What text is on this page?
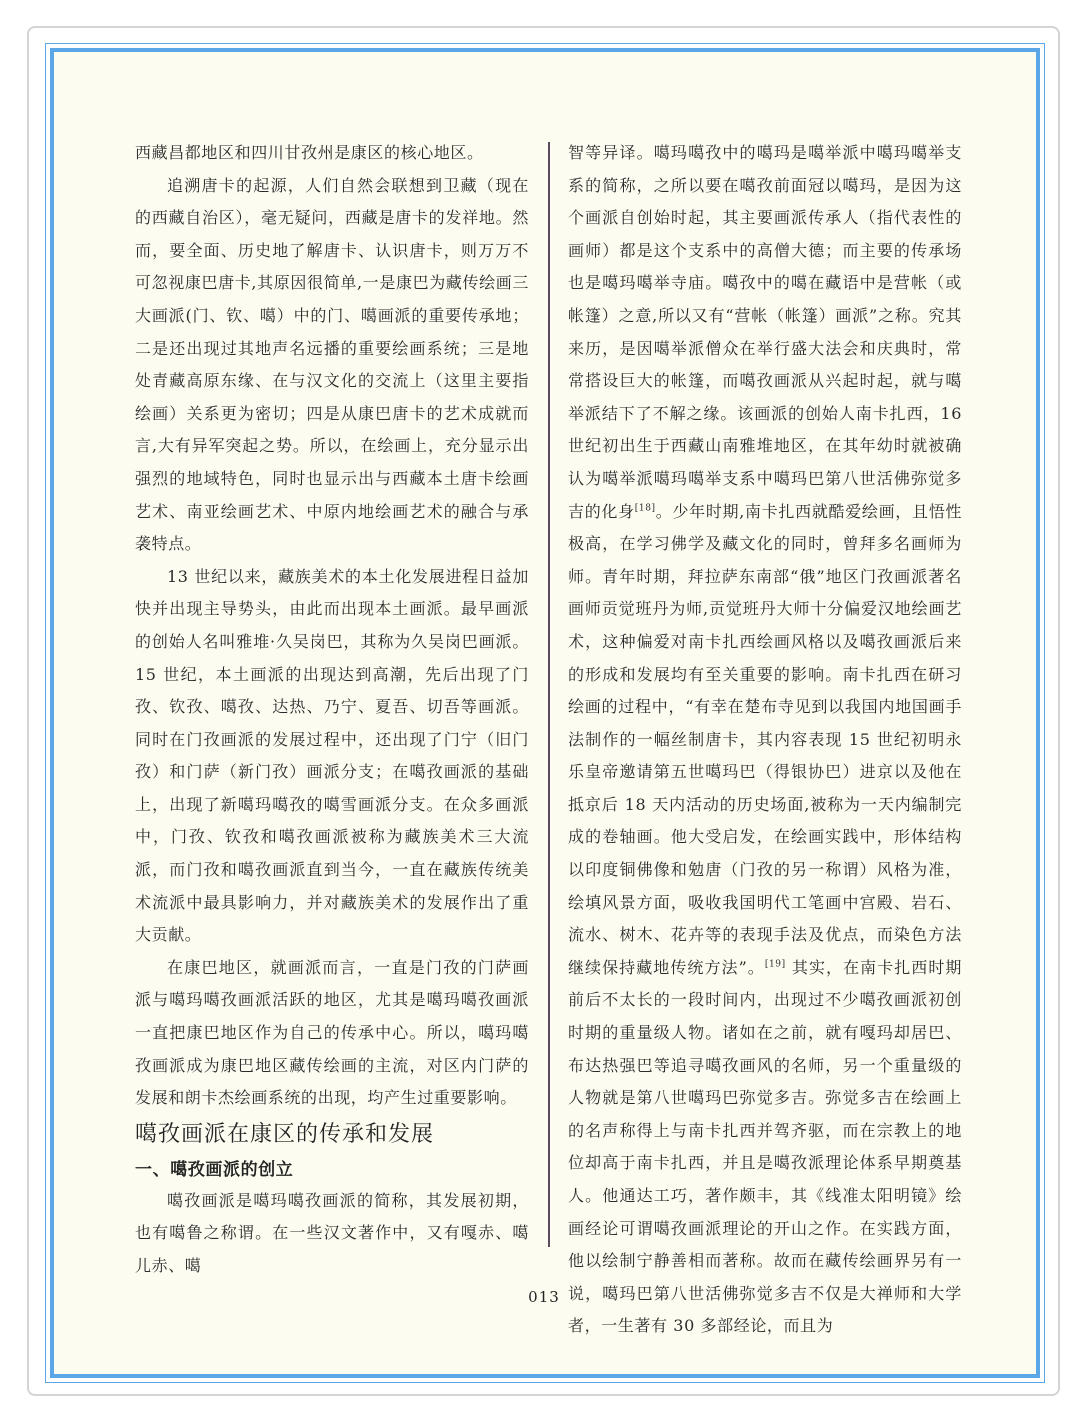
西藏昌都地区和四川甘孜州是康区的核心地区。

追溯唐卡的起源，人们自然会联想到卫藏（现在的西藏自治区），毫无疑问，西藏是唐卡的发祥地。然而，要全面、历史地了解唐卡、认识唐卡，则万万不可忽视康巴唐卡,其原因很简单,一是康巴为藏传绘画三大画派(门、钦、噶）中的门、噶画派的重要传承地；二是还出现过其地声名远播的重要绘画系统；三是地处青藏高原东缘、在与汉文化的交流上（这里主要指绘画）关系更为密切；四是从康巴唐卡的艺术成就而言,大有异军突起之势。所以，在绘画上，充分显示出强烈的地域特色，同时也显示出与西藏本土唐卡绘画艺术、南亚绘画艺术、中原内地绘画艺术的融合与承袭特点。

13 世纪以来，藏族美术的本土化发展进程日益加快并出现主导势头，由此而出现本土画派。最早画派的创始人名叫雅堆·久吴岗巴，其称为久吴岗巴画派。15 世纪，本土画派的出现达到高潮，先后出现了门孜、钦孜、噶孜、达热、乃宁、夏吾、切吾等画派。同时在门孜画派的发展过程中，还出现了门宁（旧门孜）和门萨（新门孜）画派分支；在噶孜画派的基础上，出现了新噶玛噶孜的噶雪画派分支。在众多画派中，门孜、钦孜和噶孜画派被称为藏族美术三大流派，而门孜和噶孜画派直到当今，一直在藏族传统美术流派中最具影响力，并对藏族美术的发展作出了重大贡献。

在康巴地区，就画派而言，一直是门孜的门萨画派与噶玛噶孜画派活跃的地区，尤其是噶玛噶孜画派一直把康巴地区作为自己的传承中心。所以，噶玛噶孜画派成为康巴地区藏传绘画的主流，对区内门萨的发展和朗卡杰绘画系统的出现，均产生过重要影响。

噶孜画派在康区的传承和发展

一、噶孜画派的创立

噶孜画派是噶玛噶孜画派的简称，其发展初期，也有噶鲁之称谓。在一些汉文著作中，又有嘎赤、噶儿赤、噶

智等异译。噶玛噶孜中的噶玛是噶举派中噶玛噶举支系的简称，之所以要在噶孜前面冠以噶玛，是因为这个画派自创始时起，其主要画派传承人（指代表性的画师）都是这个支系中的高僧大德；而主要的传承场也是噶玛噶举寺庙。噶孜中的噶在藏语中是营帐（或帐篷）之意,所以又有“营帐（帐篷）画派”之称。究其来历，是因噶举派僧众在举行盛大法会和庆典时，常常搭设巨大的帐篷，而噶孜画派从兴起时起，就与噶举派结下了不解之缘。该画派的创始人南卡扎西，16 世纪初出生于西藏山南雅堆地区，在其年幼时就被确认为噶举派噶玛噶举支系中噶玛巴第八世活佛弥觉多吉的化身[18]。少年时期,南卡扎西就酷爱绘画，且悟性极高，在学习佛学及藏文化的同时，曾拜多名画师为师。青年时期，拜拉萨东南部“俄”地区门孜画派著名画师贡觉班丹为师,贡觉班丹大师十分偏爱汉地绘画艺术，这种偏爱对南卡扎西绘画风格以及噶孜画派后来的形成和发展均有至关重要的影响。南卡扎西在研习绘画的过程中，“有幸在楚布寺见到以我国内地国画手法制作的一幅丝制唐卡，其内容表现 15 世纪初明永乐皇帝邀请第五世噶玛巴（得银协巴）进京以及他在抵京后 18 天内活动的历史场面,被称为一天内编制完成的卷轴画。他大受启发，在绘画实践中，形体结构以印度铜佛像和勉唐（门孜的另一称谓）风格为准，绘填风景方面，吸收我国明代工笔画中宫殿、岩石、流水、树木、花卉等的表现手法及优点，而染色方法继续保持藏地传统方法”。[19] 其实，在南卡扎西时期前后不太长的一段时间内，出现过不少噶孜画派初创时期的重量级人物。诸如在之前，就有嘎玛却居巴、布达热强巴等追寻噶孜画风的名师，另一个重量级的人物就是第八世噶玛巴弥觉多吉。弥觉多吉在绘画上的名声称得上与南卡扎西并驾齐驱，而在宗教上的地位却高于南卡扎西，并且是噶孜派理论体系早期奠基人。他通达工巧，著作颇丰，其《线准太阳明镜》绘画经论可谓噶孜画派理论的开山之作。在实践方面，他以绘制宁静善相而著称。故而在藏传绘画界另有一说，噶玛巴第八世活佛弥觉多吉不仅是大禅师和大学者，一生著有 30 多部经论，而且为

013
